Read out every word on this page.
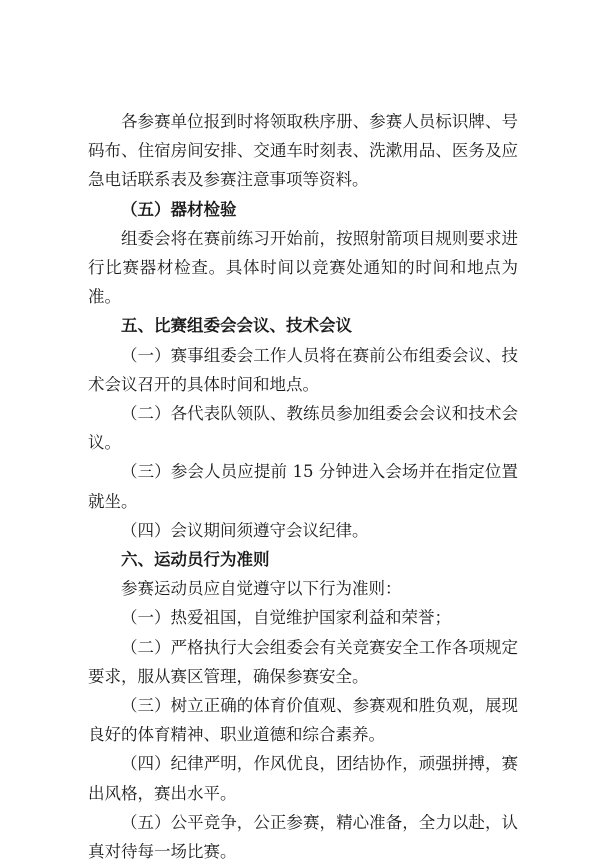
各参赛单位报到时将领取秩序册、参赛人员标识牌、号码布、住宿房间安排、交通车时刻表、洗漱用品、医务及应急电话联系表及参赛注意事项等资料。

（五）器材检验

组委会将在赛前练习开始前，按照射箭项目规则要求进行比赛器材检查。具体时间以竞赛处通知的时间和地点为准。

五、比赛组委会会议、技术会议

（一）赛事组委会工作人员将在赛前公布组委会议、技术会议召开的具体时间和地点。

（二）各代表队领队、教练员参加组委会会议和技术会议。

（三）参会人员应提前 15 分钟进入会场并在指定位置就坐。

（四）会议期间须遵守会议纪律。

六、运动员行为准则

参赛运动员应自觉遵守以下行为准则：

（一）热爱祖国，自觉维护国家利益和荣誉；

（二）严格执行大会组委会有关竞赛安全工作各项规定要求，服从赛区管理，确保参赛安全。

（三）树立正确的体育价值观、参赛观和胜负观，展现良好的体育精神、职业道德和综合素养。

（四）纪律严明，作风优良，团结协作，顽强拼搏，赛出风格，赛出水平。

（五）公平竞争，公正参赛，精心准备，全力以赴，认真对待每一场比赛。
